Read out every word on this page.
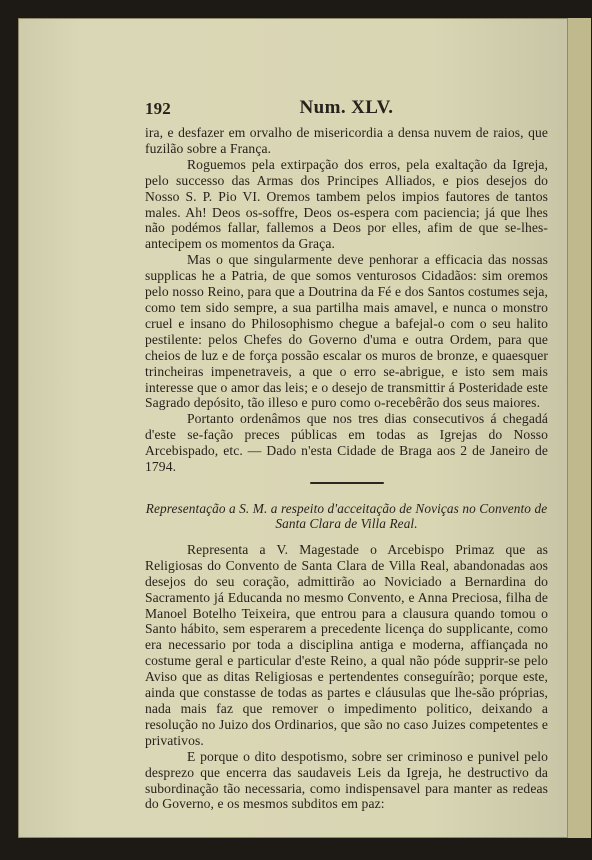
192	Num. XLV.

ira, e desfazer em orvalho de misericordia a densa nuvem de raios, que fuzilão sobre a França.

Roguemos pela extirpação dos erros, pela exaltação da Igreja, pelo successo das Armas dos Principes Alliados, e pios desejos do Nosso S. P. Pio VI. Oremos tambem pelos impios fautores de tantos males. Ah! Deos os-soffre, Deos os-espera com paciencia; já que lhes não podémos fallar, fallemos a Deos por elles, afim de que se-lhes-antecipem os momentos da Graça.

Mas o que singularmente deve penhorar a efficacia das nossas supplicas he a Patria, de que somos venturosos Cidadãos: sim oremos pelo nosso Reino, para que a Doutrina da Fé e dos Santos costumes seja, como tem sido sempre, a sua partilha mais amavel, e nunca o monstro cruel e insano do Philosophismo chegue a bafejal-o com o seu halito pestilente: pelos Chefes do Governo d'uma e outra Ordem, para que cheios de luz e de força possão escalar os muros de bronze, e quaesquer trincheiras impenetraveis, a que o erro se-abrigue, e isto sem mais interesse que o amor das leis; e o desejo de transmittir á Posteridade este Sagrado depósito, tão illeso e puro como o-recebêrão dos seus maiores.

Portanto ordenâmos que nos tres dias consecutivos á chegadá d'este se-fação preces públicas em todas as Igrejas do Nosso Arcebispado, etc. — Dado n'esta Cidade de Braga aos 2 de Janeiro de 1794.

Representação a S. M. a respeito d'acceitação de Noviças no Convento de Santa Clara de Villa Real.

Representa a V. Magestade o Arcebispo Primaz que as Religiosas do Convento de Santa Clara de Villa Real, abandonadas aos desejos do seu coração, admittirão ao Noviciado a Bernardina do Sacramento já Educanda no mesmo Convento, e Anna Preciosa, filha de Manoel Botelho Teixeira, que entrou para a clausura quando tomou o Santo hábito, sem esperarem a precedente licença do supplicante, como era necessario por toda a disciplina antiga e moderna, affiançada no costume geral e particular d'este Reino, a qual não póde supprir-se pelo Aviso que as ditas Religiosas e pertendentes conseguírão; porque este, ainda que constasse de todas as partes e cláusulas que lhe-são próprias, nada mais faz que remover o impedimento politico, deixando a resolução no Juizo dos Ordinarios, que são no caso Juizes competentes e privativos.

E porque o dito despotismo, sobre ser criminoso e punivel pelo desprezo que encerra das saudaveis Leis da Igreja, he destructivo da subordinação tão necessaria, como indispensavel para manter as redeas do Governo, e os mesmos subditos em paz:
